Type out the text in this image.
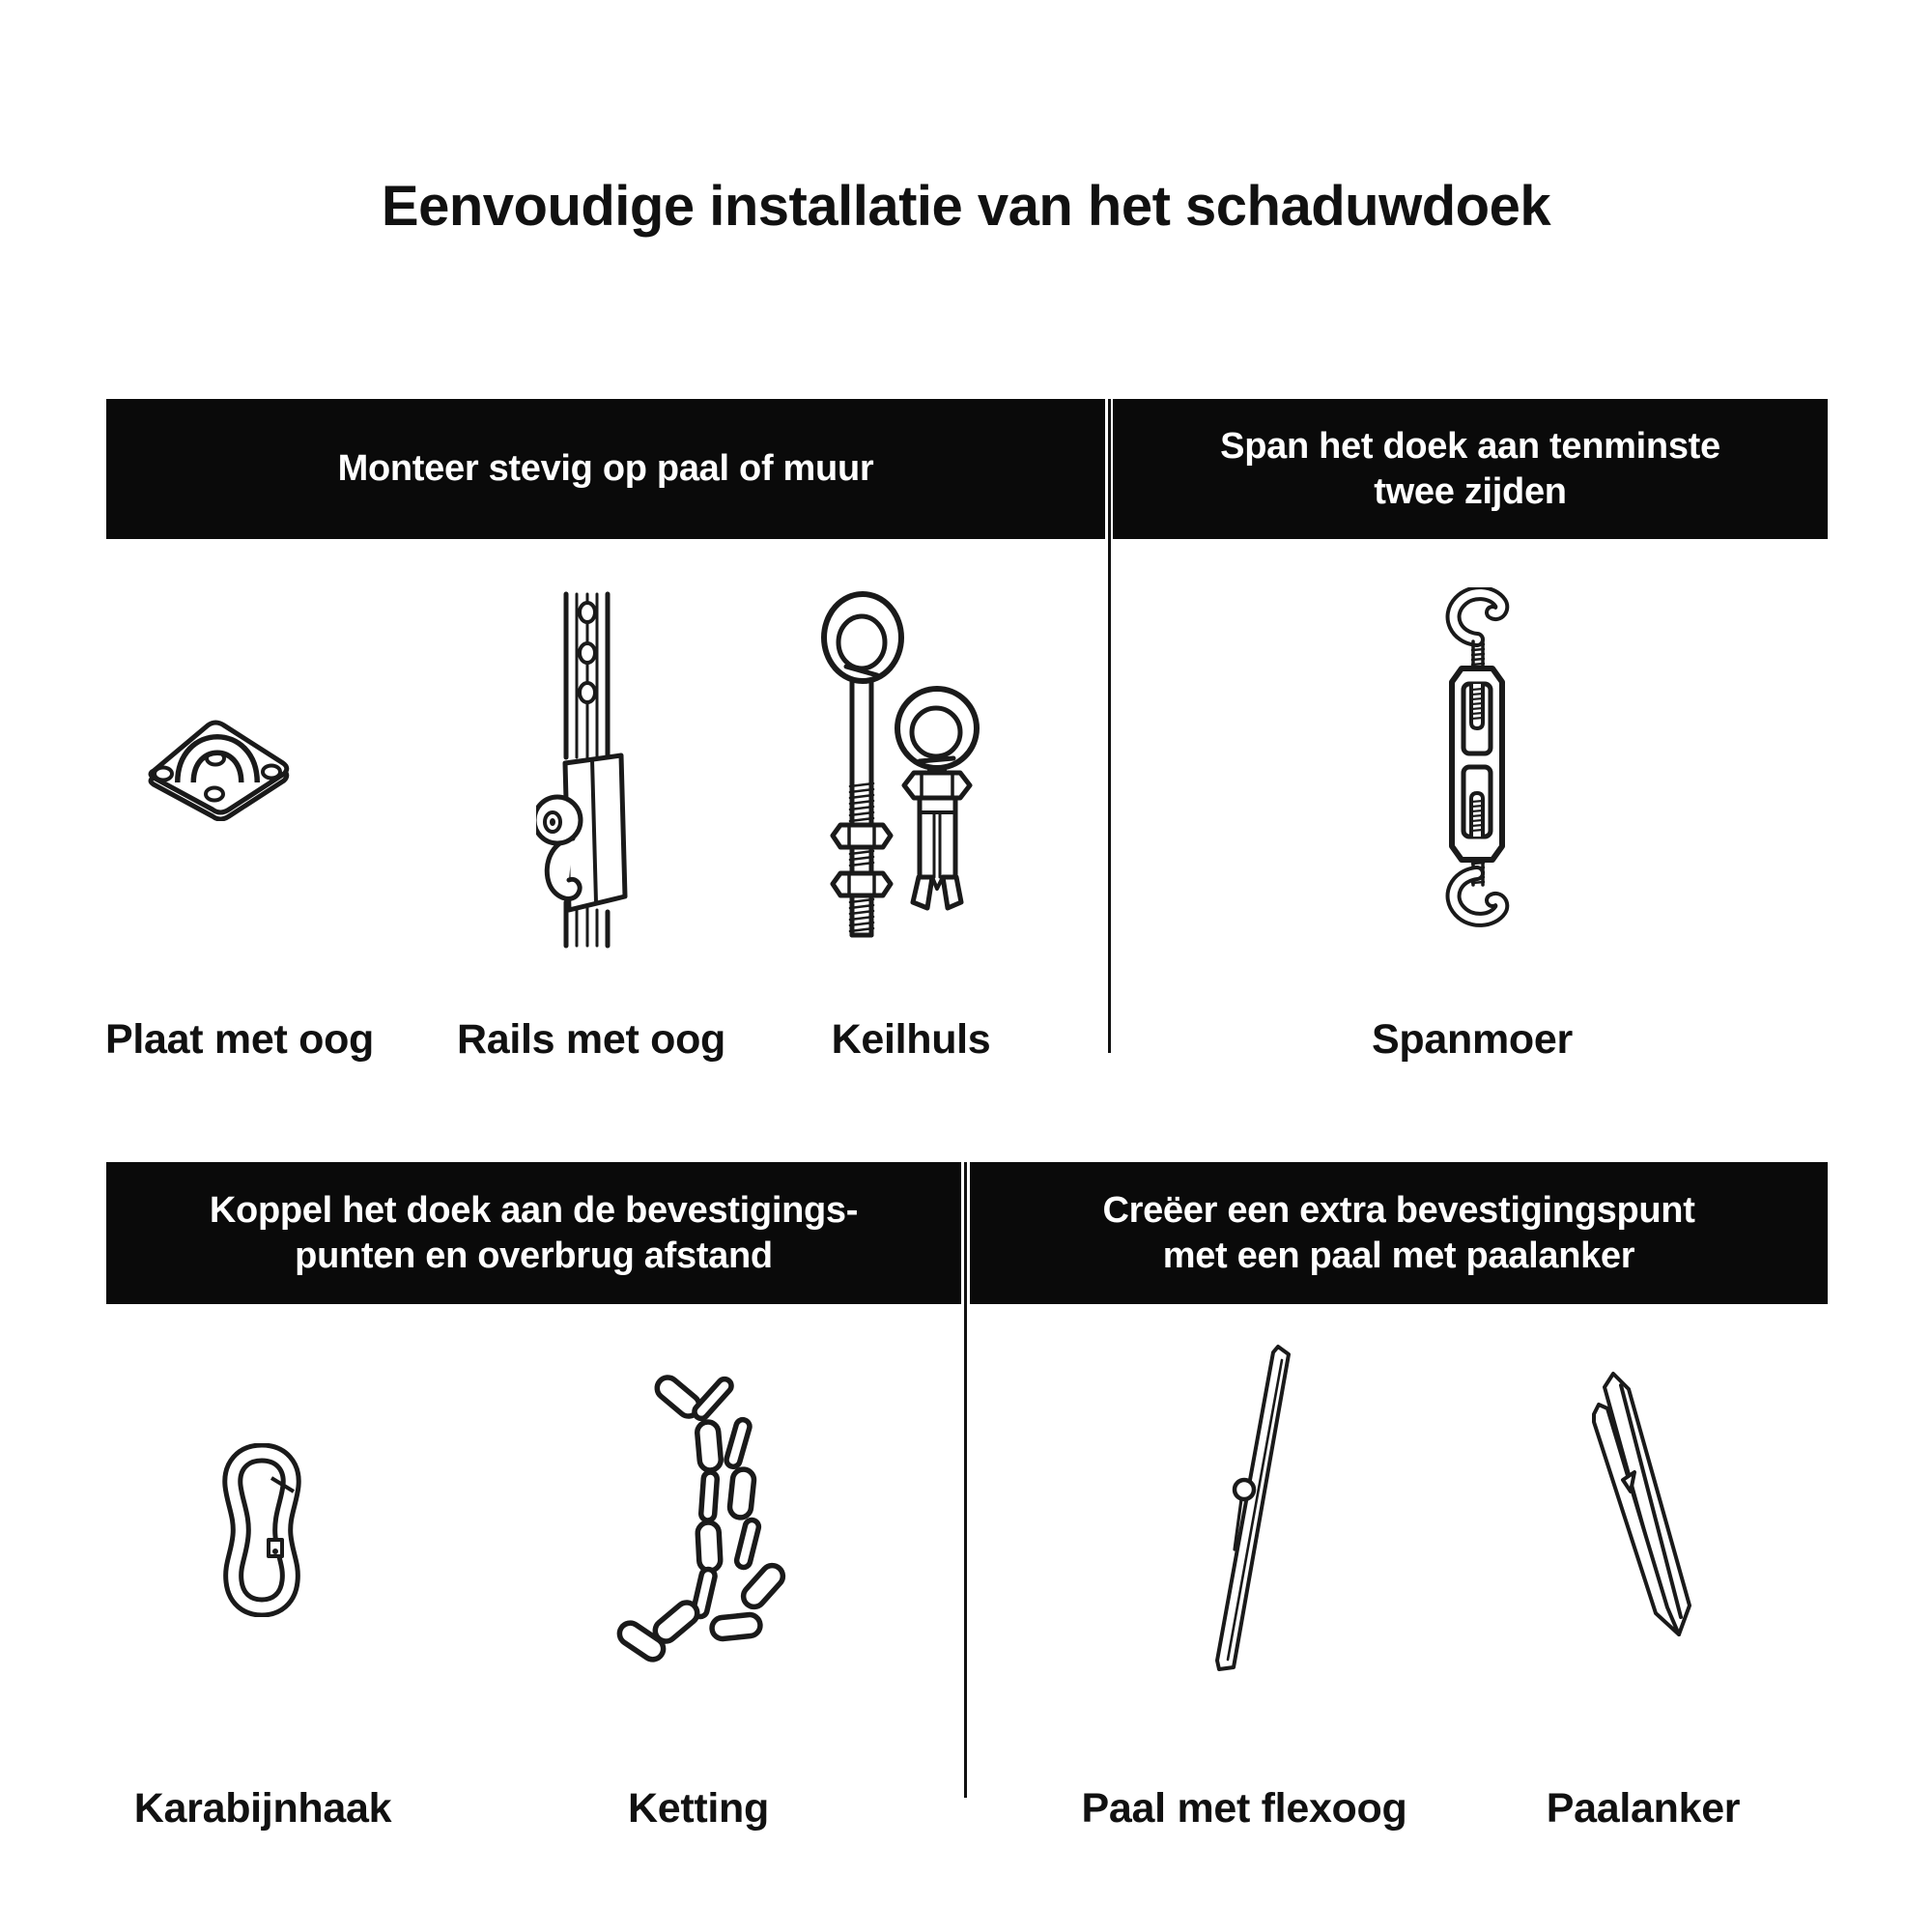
Eenvoudige installatie van het schaduwdoek
Monteer stevig op paal of muur
Span het doek aan tenminste
twee zijden
Koppel het doek aan de bevestigings-
punten en overbrug afstand
Creëer een extra bevestigingspunt
met een paal met paalanker
Plaat met oog Rails met oog	Keilhuls	Spanmoer
Karabijnhaak	Ketting	Paal met flexoog	Paalanker
